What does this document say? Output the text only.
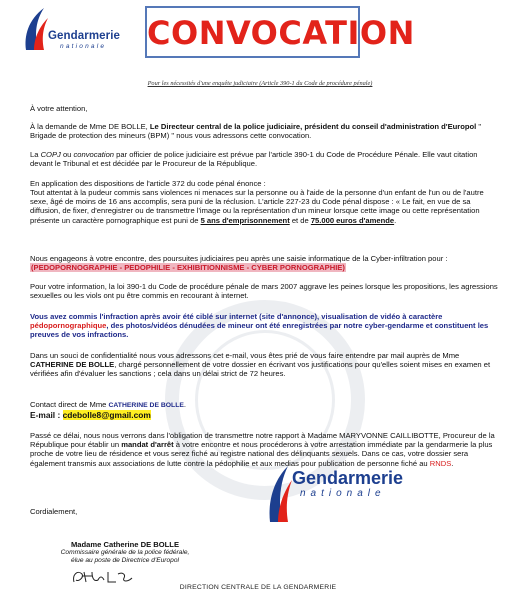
Gendarmerie
nationale CONVOCATION
Pour les nécessités d'une enquête judiciaire (Article 390-1 du Code de procédure pénale)
À votre attention,
À la demande de Mme DE BOLLE, Le Directeur central de la police judiciaire, président du conseil d'administration d'Europol " Brigade de protection des mineurs (BPM) " nous vous adressons cette convocation.
La COPJ ou convocation par officier de police judiciaire est prévue par l'article 390-1 du Code de Procédure Pénale. Elle vaut citation devant le Tribunal et est décidée par le Procureur de la République.
En application des dispositions de l'article 372 du code pénal énonce :
Tout attentat à la pudeur commis sans violences ni menaces sur la personne ou à l'aide de la personne d'un enfant de l'un ou de l'autre sexe, âgé de moins de 16 ans accomplis, sera puni de la réclusion. L'article 227-23 du Code pénal dispose : « Le fait, en vue de sa diffusion, de fixer, d'enregistrer ou de transmettre l'image ou la représentation d'un mineur lorsque cette image ou cette représentation présente un caractère pornographique est puni de 5 ans d'emprisonnement et de 75.000 euros d'amende.
Nous engageons à votre encontre, des poursuites judiciaires peu après une saisie informatique de la Cyber-infiltration pour : (PEDOPORNOGRAPHIE - PEDOPHILIE - EXHIBITIONNISME - CYBER PORNOGRAPHIE)
Pour votre information, la loi 390-1 du Code de procédure pénale de mars 2007 aggrave les peines lorsque les propositions, les agressions sexuelles ou les viols ont pu être commis en recourant à internet.
Vous avez commis l'infraction après avoir été ciblé sur internet (site d'annonce), visualisation de vidéo à caractère pédopornographique, des photos/vidéos dénudées de mineur ont été enregistrées par notre cyber-gendarme et constituent les preuves de vos infractions.
Dans un souci de confidentialité nous vous adressons cet e-mail, vous êtes prié de vous faire entendre par mail auprès de Mme CATHERINE DE BOLLE, chargé personnellement de votre dossier en écrivant vos justifications pour qu'elles soient mises en examen et vérifiées afin d'évaluer les sanctions ; cela dans un délai strict de 72 heures.
Contact direct de Mme CATHERINE DE BOLLE.
E-mail : cdebolle8@gmail.com
Passé ce délai, nous nous verrons dans l'obligation de transmettre notre rapport à Madame MARYVONNE CAILLIBOTTE, Procureur de la République pour établir un mandat d'arrêt à votre encontre et nous procéderons à votre arrestation immédiate par la gendarmerie la plus proche de votre lieu de résidence et vous serez fiché au registre national des délinquants sexuels. Dans ce cas, votre dossier sera également transmis aux associations de lutte contre la pédophilie et aux medias pour publication de personne fiché au RNDS.
Gendarmerie
nationale
Cordialement,
Madame Catherine DE BOLLE
Commissaire générale de la police fédérale,
élue au poste de Directrice d'Europol
DIRECTION CENTRALE DE LA GENDARMERIE
